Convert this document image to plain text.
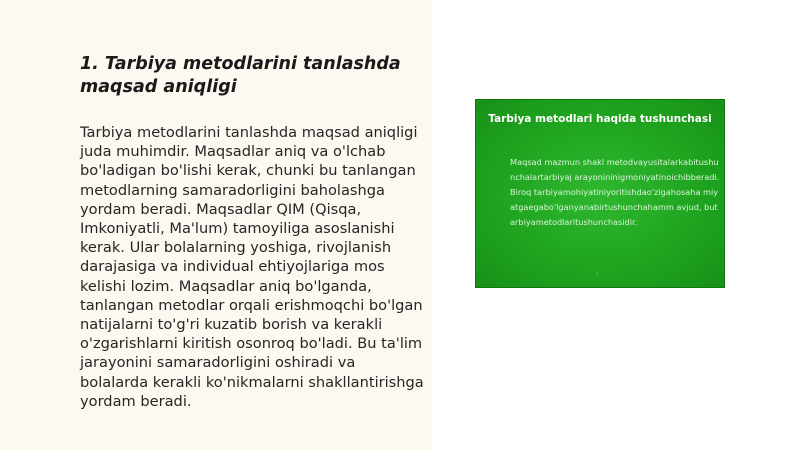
1. Tarbiya metodlarini tanlashda maqsad aniqligi

Tarbiya metodlarini tanlashda maqsad aniqligi juda muhimdir. Maqsadlar aniq va o'lchab bo'ladigan bo'lishi kerak, chunki bu tanlangan metodlarning samaradorligini baholashga yordam beradi. Maqsadlar QIM (Qisqa, Imkoniyatli, Ma'lum) tamoyiliga asoslanishi kerak. Ular bolalarning yoshiga, rivojlanish darajasiga va individual ehtiyojlariga mos kelishi lozim. Maqsadlar aniq bo'lganda, tanlangan metodlar orqali erishmoqchi bo'lgan natijalarni to'g'ri kuzatib borish va kerakli o'zgarishlarni kiritish osonroq bo'ladi. Bu ta'lim jarayonini samaradorligini oshiradi va bolalarda kerakli ko'nikmalarni shakllantirishga yordam beradi.

Tarbiya metodlari haqida tushunchasi
Maqsad mazmun shakl metodvayusitalarkabitushunchalartarbiyaj arayonininigmoniyatinoichibberadi. Biroq tarbiyamohiyatiniyoritishdao'zigahosaha miyatgaegabo'lganyanabirtushunchahamm avjud, butarbiyametodlaritushunchasidir.
1
